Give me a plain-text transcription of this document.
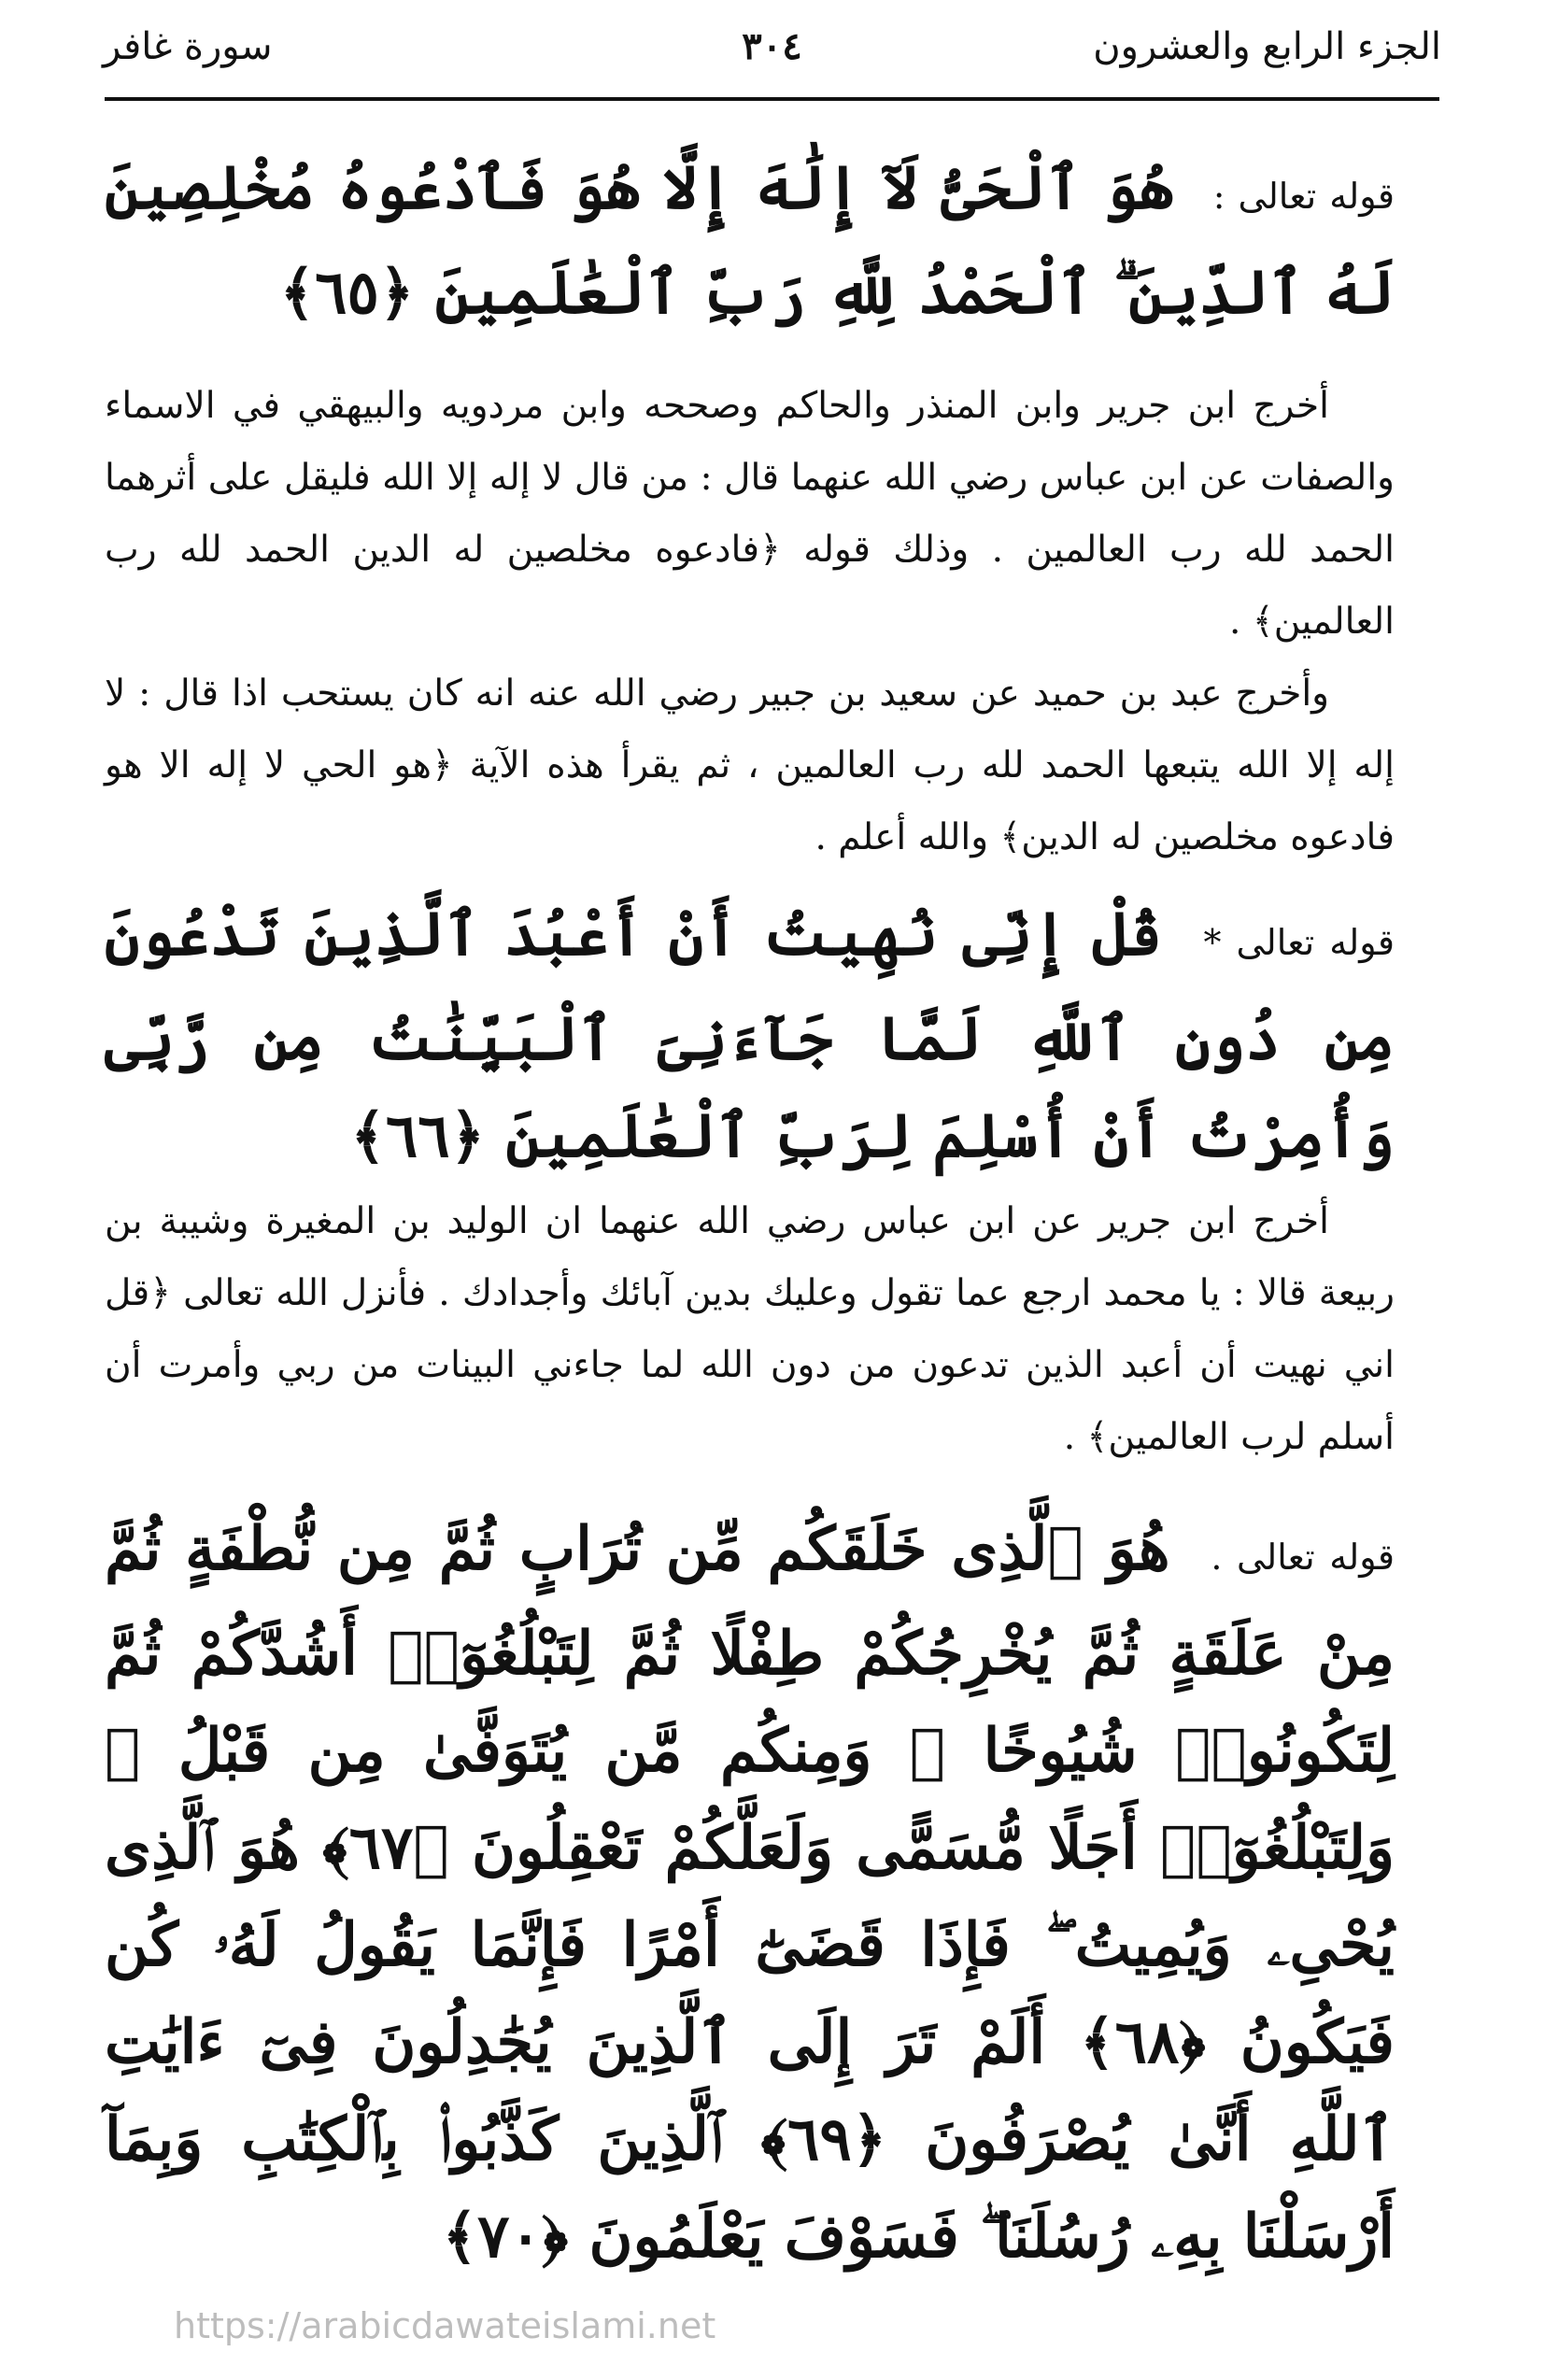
الجزء الرابع والعشرون
٣٠٤
سورة غافر
قوله تعالى : هُوَ ٱلْحَىُّ لَآ إِلَٰهَ إِلَّا هُوَ فَٱدْعُوهُ مُخْلِصِينَ لَهُ ٱلدِّينَ ۗ ٱلْحَمْدُ لِلَّهِ رَبِّ ٱلْعَٰلَمِينَ ﴿٦٥﴾

أخرج ابن جرير وابن المنذر والحاكم وصححه وابن مردويه والبيهقي في الاسماء والصفات عن ابن عباس رضي الله عنهما قال : من قال لا إله إلا الله فليقل على أثرهما الحمد لله رب العالمين . وذلك قوله ﴿فادعوه مخلصين له الدين الحمد لله رب العالمين﴾ .

وأخرج عبد بن حميد عن سعيد بن جبير رضي الله عنه انه كان يستحب اذا قال : لا إله إلا الله يتبعها الحمد لله رب العالمين ، ثم يقرأ هذه الآية ﴿هو الحي لا إله الا هو فادعوه مخلصين له الدين﴾ والله أعلم .

قوله تعالى * قُلْ إِنِّى نُهِيتُ أَنْ أَعْبُدَ ٱلَّذِينَ تَدْعُونَ مِن دُونِ ٱللَّهِ لَمَّا جَآءَنِىَ ٱلْبَيِّنَٰتُ مِن رَّبِّى وَأُمِرْتُ أَنْ أُسْلِمَ لِرَبِّ ٱلْعَٰلَمِينَ ﴿٦٦﴾

أخرج ابن جرير عن ابن عباس رضي الله عنهما ان الوليد بن المغيرة وشيبة بن ربيعة قالا : يا محمد ارجع عما تقول وعليك بدين آبائك وأجدادك . فأنزل الله تعالى ﴿قل اني نهيت أن أعبد الذين تدعون من دون الله لما جاءني البينات من ربي وأمرت أن أسلم لرب العالمين﴾ .

قوله تعالى . هُوَ ٱلَّذِى خَلَقَكُم مِّن تُرَابٍ ثُمَّ مِن نُّطْفَةٍ ثُمَّ مِنْ عَلَقَةٍ ثُمَّ يُخْرِجُكُمْ طِفْلًا ثُمَّ لِتَبْلُغُوٓا۟ أَشُدَّكُمْ ثُمَّ لِتَكُونُوا۟ شُيُوخًا ۚ وَمِنكُم مَّن يُتَوَفَّىٰ مِن قَبْلُ ۖ وَلِتَبْلُغُوٓا۟ أَجَلًا مُّسَمًّى وَلَعَلَّكُمْ تَعْقِلُونَ ﴿٦٧﴾ هُوَ ٱلَّذِى يُحْىِۦ وَيُمِيتُ ۖ فَإِذَا قَضَىٰٓ أَمْرًا فَإِنَّمَا يَقُولُ لَهُۥ كُن فَيَكُونُ ﴿٦٨﴾ أَلَمْ تَرَ إِلَى ٱلَّذِينَ يُجَٰدِلُونَ فِىٓ ءَايَٰتِ ٱللَّهِ أَنَّىٰ يُصْرَفُونَ ﴿٦٩﴾ ٱلَّذِينَ كَذَّبُوا۟ بِٱلْكِتَٰبِ وَبِمَآ أَرْسَلْنَا بِهِۦ رُسُلَنَا ۖ فَسَوْفَ يَعْلَمُونَ ﴿٧٠﴾
https://arabicdawateislami.net
